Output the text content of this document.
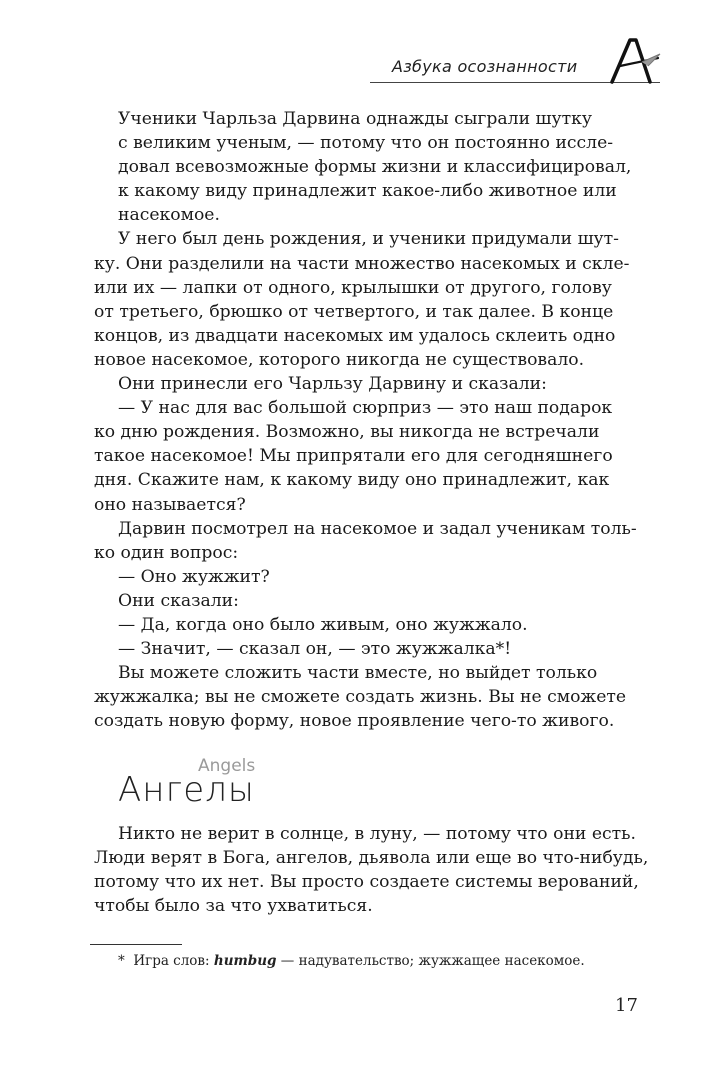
Азбука осознанности
Ученики Чарльза Дарвина однажды сыграли шутку
с великим ученым, — потому что он постоянно иссле-
довал всевозможные формы жизни и классифицировал,
к какому виду принадлежит какое-либо животное или
насекомое.
У него был день рождения, и ученики придумали шут-
ку. Они разделили на части множество насекомых и скле-
или их — лапки от одного, крылышки от другого, голову
от третьего, брюшко от четвертого, и так далее. В конце
концов, из двадцати насекомых им удалось склеить одно
новое насекомое, которого никогда не существовало.
Они принесли его Чарльзу Дарвину и сказали:
— У нас для вас большой сюрприз — это наш подарок
ко дню рождения. Возможно, вы никогда не встречали
такое насекомое! Мы припрятали его для сегодняшнего
дня. Скажите нам, к какому виду оно принадлежит, как
оно называется?
Дарвин посмотрел на насекомое и задал ученикам толь-
ко один вопрос:
— Оно жужжит?
Они сказали:
— Да, когда оно было живым, оно жужжало.
— Значит, — сказал он, — это жужжалка*!
Вы можете сложить части вместе, но выйдет только
жужжалка; вы не сможете создать жизнь. Вы не сможете
создать новую форму, новое проявление чего-то живого.
Angels
Ангелы
Никто не верит в солнце, в луну, — потому что они есть.
Люди верят в Бога, ангелов, дьявола или еще во что-нибудь,
потому что их нет. Вы просто создаете системы верований,
чтобы было за что ухватиться.
* Игра слов: humbug — надувательство; жужжащее насекомое.
17
